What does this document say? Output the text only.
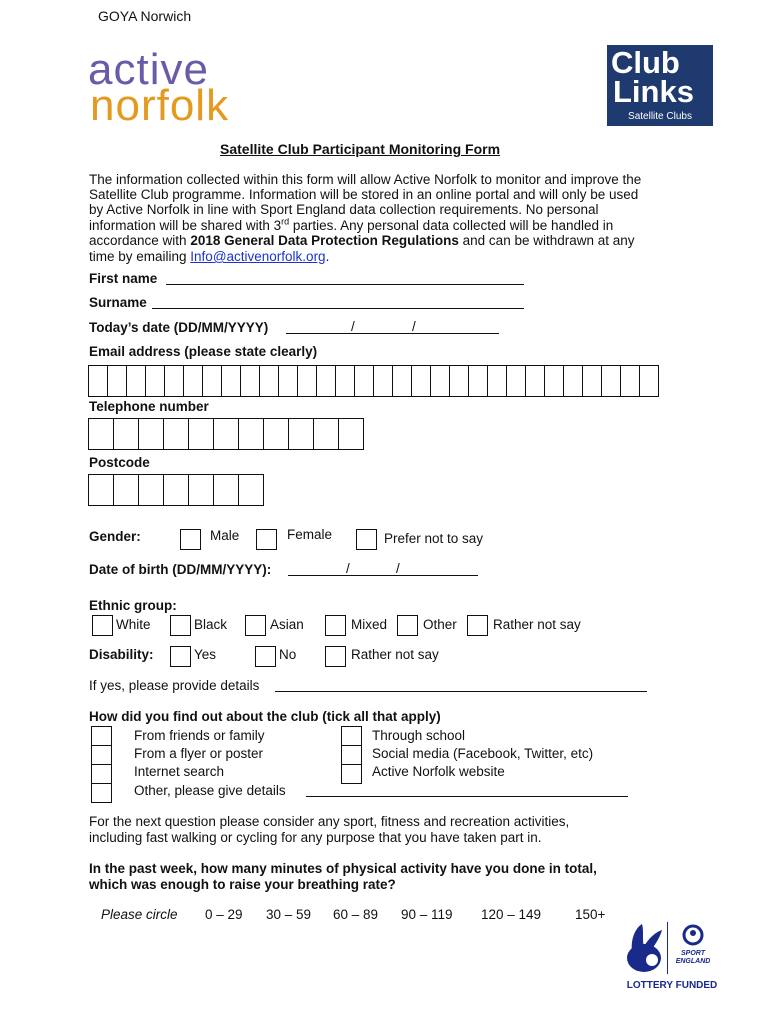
GOYA Norwich
active
norfolk
Club
Links
Satellite Clubs
Satellite Club Participant Monitoring Form
The information collected within this form will allow Active Norfolk to monitor and improve the
Satellite Club programme. Information will be stored in an online portal and will only be used
by Active Norfolk in line with Sport England data collection requirements. No personal
information will be shared with 3rd parties. Any personal data collected will be handled in
accordance with 2018 General Data Protection Regulations and can be withdrawn at any
time by emailing Info@activenorfolk.org.
First name
Surname
Today’s date (DD/MM/YYYY)	/	/
Email address (please state clearly)
Telephone number
Postcode
Gender:	Male	Female	Prefer not to say
Date of birth (DD/MM/YYYY):	/	/
Ethnic group:
White	Black	Asian	Mixed	Other	Rather not say
Disability:	Yes	No	Rather not say
If yes, please provide details
How did you find out about the club (tick all that apply)
From friends or family
From a flyer or poster
Internet search
Other, please give details
Through school
Social media (Facebook, Twitter, etc)
Active Norfolk website
For the next question please consider any sport, fitness and recreation activities,
including fast walking or cycling for any purpose that you have taken part in.
In the past week, how many minutes of physical activity have you done in total,
which was enough to raise your breathing rate?
Please circle 0 – 29 30 – 59 60 – 89 90 – 119 120 – 149	150+
SPORT
ENGLAND
LOTTERY FUNDED
